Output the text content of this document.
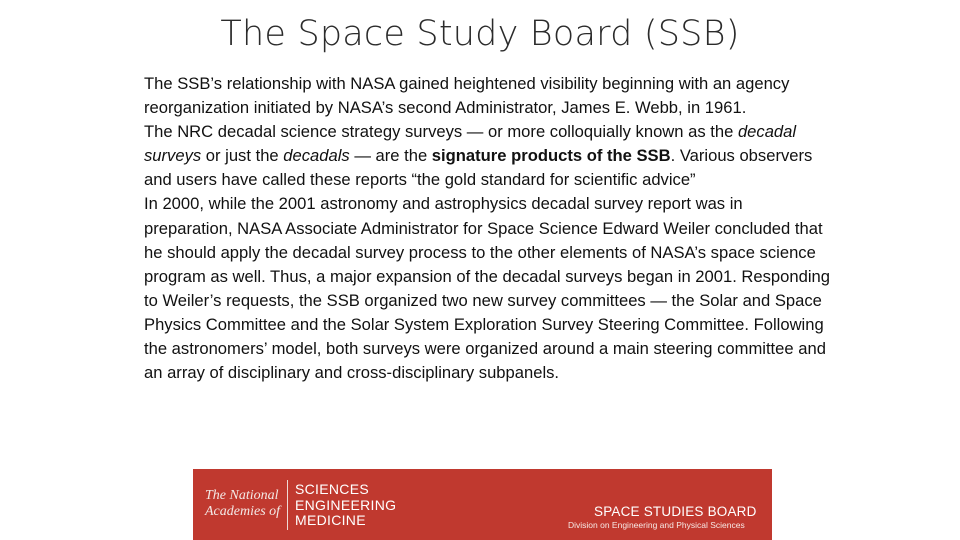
The Space Study Board (SSB)

The SSB’s relationship with NASA gained heightened visibility beginning with an agency reorganization initiated by NASA’s second Administrator, James E. Webb, in 1961.

The NRC decadal science strategy surveys — or more colloquially known as the decadal surveys or just the decadals — are the signature products of the SSB. Various observers and users have called these reports “the gold standard for scientific advice”

In 2000, while the 2001 astronomy and astrophysics decadal survey report was in preparation, NASA Associate Administrator for Space Science Edward Weiler concluded that he should apply the decadal survey process to the other elements of NASA’s space science program as well. Thus, a major expansion of the decadal surveys began in 2001. Responding to Weiler’s requests, the SSB organized two new survey committees — the Solar and Space Physics Committee and the Solar System Exploration Survey Steering Committee. Following the astronomers’ model, both surveys were organized around a main steering committee and an array of disciplinary and cross-disciplinary subpanels.

The National
Academies of
SCIENCES
ENGINEERING
MEDICINE
SPACE STUDIES BOARD
Division on Engineering and Physical Sciences
